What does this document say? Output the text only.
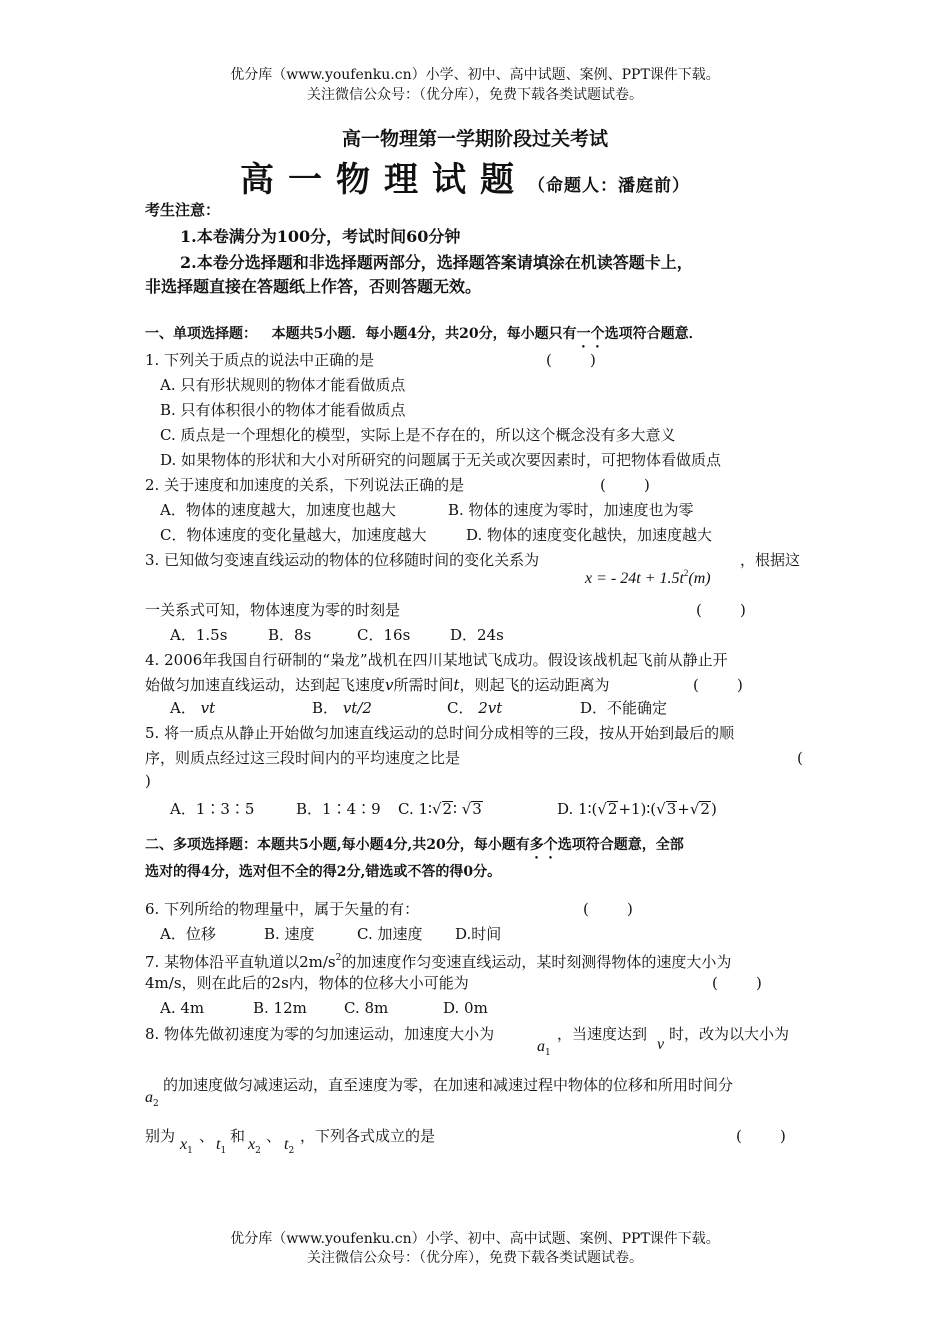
优分库（www.youfenku.cn）小学、初中、高中试题、案例、PPT课件下载。
关注微信公众号：（优分库），免费下载各类试题试卷。
高一物理第一学期阶段过关考试
高一物理试题（命题人：潘庭前）
考生注意：
1.本卷满分为100分，考试时间60分钟
2.本卷分选择题和非选择题两部分，选择题答案请填涂在机读答题卡上，
非选择题直接在答题纸上作答，否则答题无效。
一、单项选择题： 本题共5小题．每小题4分，共20分，每小题只有一个选项符合题意．
1. 下列关于质点的说法中正确的是	(        )
A. 只有形状规则的物体才能看做质点
B. 只有体积很小的物体才能看做质点
C. 质点是一个理想化的模型，实际上是不存在的，所以这个概念没有多大意义
D. 如果物体的形状和大小对所研究的问题属于无关或次要因素时，可把物体看做质点
2. 关于速度和加速度的关系，下列说法正确的是	(        )
A．物体的速度越大，加速度也越大	B. 物体的速度为零时，加速度也为零
C．物体速度的变化量越大，加速度越大	D. 物体的速度变化越快，加速度越大
3. 已知做匀变速直线运动的物体的位移随时间的变化关系为
x = - $24t + 1.5t^2(m)$
，根据这
一关系式可知，物体速度为零的时刻是	(        )
A．1.5s	B．8s	C．16s	D．24s
4. 2006年我国自行研制的“枭龙”战机在四川某地试飞成功。假设该战机起飞前从静止开
始做匀加速直线运动，达到起飞速度v所需时间t，则起飞的运动距离为	(        )
A． vt	B． vt/2	C． 2vt	D．不能确定
5. 将一质点从静止开始做匀加速直线运动的总时间分成相等的三段，按从开始到最后的顺
序，则质点经过这三段时间内的平均速度之比是	(
)
A．1∶3∶5	B．1∶4∶9 C. 1∶√2∶ √3	D. 1∶(√2+1)∶(√3+√2)
二、多项选择题：本题共5小题,每小题4分,共20分，每小题有多个选项符合题意，全部
选对的得4分，选对但不全的得2分,错选或不答的得0分。
6. 下列所给的物理量中，属于矢量的有：	(        )
A．位移	B. 速度	C. 加速度 D.时间
7. 某物体沿平直轨道以$2m/s^2$的加速度作匀变速直线运动，某时刻测得物体的速度大小为
4m/s，则在此后的2s内，物体的位移大小可能为	(        )
A. 4m	B. 12m C. 8m	D. 0m
8. 物体先做初速度为零的匀加速运动，加速度大小为
$a_1$
，当速度达到
v
时，改为以大小为
$a_2$
的加速度做匀减速运动，直至速度为零，在加速和减速过程中物体的位移和所用时间分
别为 $x_1$
、 $t_1$
和 $x_2$
、 $t_2$
，下列各式成立的是	(        )
优分库（www.youfenku.cn）小学、初中、高中试题、案例、PPT课件下载。
关注微信公众号：（优分库），免费下载各类试题试卷。
